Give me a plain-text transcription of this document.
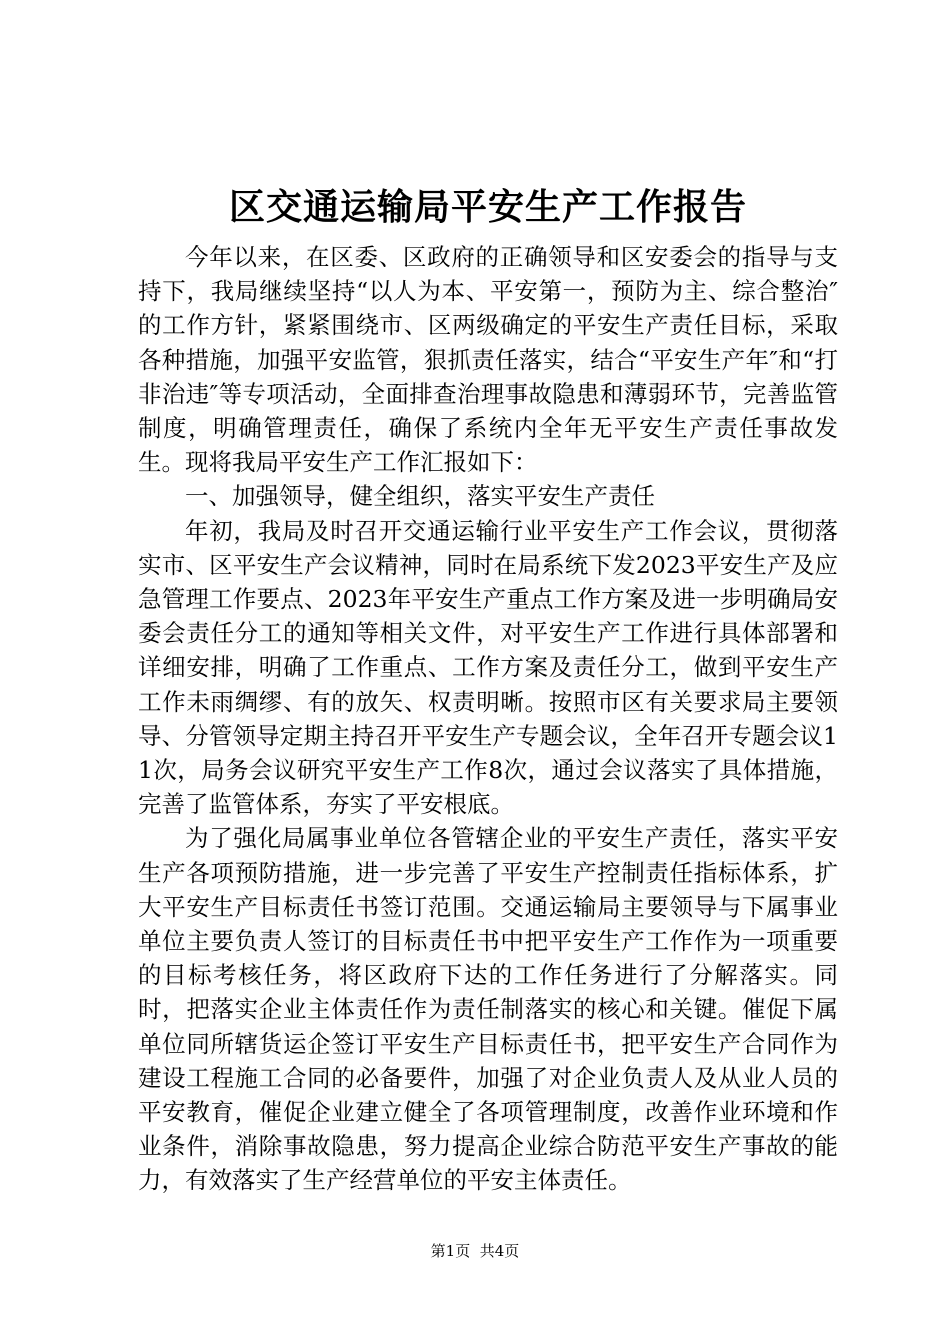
区交通运输局平安生产工作报告

今年以来，在区委、区政府的正确领导和区安委会的指导与支持下，我局继续坚持“以人为本、平安第一，预防为主、综合整治″的工作方针，紧紧围绕市、区两级确定的平安生产责任目标，采取各种措施，加强平安监管，狠抓责任落实，结合“平安生产年″和“打非治违″等专项活动，全面排查治理事故隐患和薄弱环节，完善监管制度，明确管理责任，确保了系统内全年无平安生产责任事故发生。现将我局平安生产工作汇报如下：

一、加强领导，健全组织，落实平安生产责任

年初，我局及时召开交通运输行业平安生产工作会议，贯彻落实市、区平安生产会议精神，同时在局系统下发2023平安生产及应急管理工作要点、2023年平安生产重点工作方案及进一步明确局安委会责任分工的通知等相关文件，对平安生产工作进行具体部署和详细安排，明确了工作重点、工作方案及责任分工，做到平安生产工作未雨绸缪、有的放矢、权责明晰。按照市区有关要求局主要领导、分管领导定期主持召开平安生产专题会议，全年召开专题会议11次，局务会议研究平安生产工作8次，通过会议落实了具体措施，完善了监管体系，夯实了平安根底。

为了强化局属事业单位各管辖企业的平安生产责任，落实平安生产各项预防措施，进一步完善了平安生产控制责任指标体系，扩大平安生产目标责任书签订范围。交通运输局主要领导与下属事业单位主要负责人签订的目标责任书中把平安生产工作作为一项重要的目标考核任务，将区政府下达的工作任务进行了分解落实。同时，把落实企业主体责任作为责任制落实的核心和关键。催促下属单位同所辖货运企签订平安生产目标责任书，把平安生产合同作为建设工程施工合同的必备要件，加强了对企业负责人及从业人员的平安教育，催促企业建立健全了各项管理制度，改善作业环境和作业条件，消除事故隐患，努力提高企业综合防范平安生产事故的能力，有效落实了生产经营单位的平安主体责任。

第1页 共4页
